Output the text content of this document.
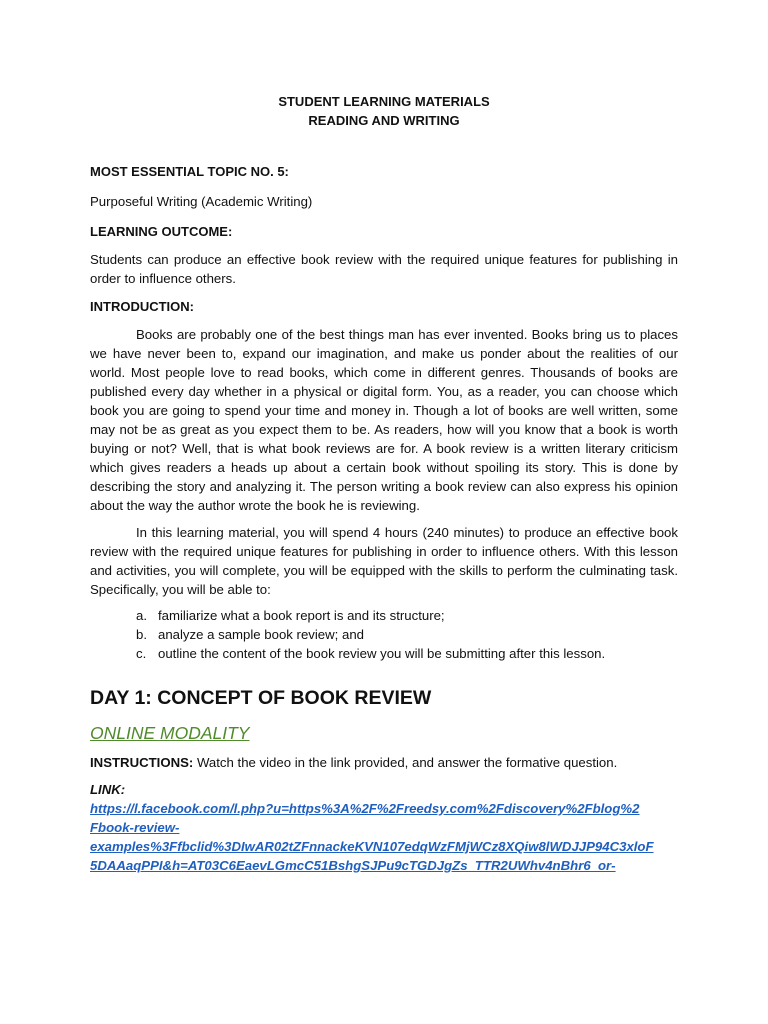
STUDENT LEARNING MATERIALS
READING AND WRITING

MOST ESSENTIAL TOPIC NO. 5:

Purposeful Writing (Academic Writing)

LEARNING OUTCOME:

Students can produce an effective book review with the required unique features for publishing in order to influence others.

INTRODUCTION:

Books are probably one of the best things man has ever invented. Books bring us to places we have never been to, expand our imagination, and make us ponder about the realities of our world. Most people love to read books, which come in different genres. Thousands of books are published every day whether in a physical or digital form. You, as a reader, you can choose which book you are going to spend your time and money in. Though a lot of books are well written, some may not be as great as you expect them to be. As readers, how will you know that a book is worth buying or not? Well, that is what book reviews are for. A book review is a written literary criticism which gives readers a heads up about a certain book without spoiling its story. This is done by describing the story and analyzing it. The person writing a book review can also express his opinion about the way the author wrote the book he is reviewing.

In this learning material, you will spend 4 hours (240 minutes) to produce an effective book review with the required unique features for publishing in order to influence others. With this lesson and activities, you will complete, you will be equipped with the skills to perform the culminating task. Specifically, you will be able to:

a. familiarize what a book report is and its structure;
b. analyze a sample book review; and
c. outline the content of the book review you will be submitting after this lesson.
DAY 1: CONCEPT OF BOOK REVIEW

ONLINE MODALITY

INSTRUCTIONS: Watch the video in the link provided, and answer the formative question.

LINK:

https://l.facebook.com/l.php?u=https%3A%2F%2Freedsy.com%2Fdiscovery%2Fblog%2
Fbook-review-
examples%3Ffbclid%3DIwAR02tZFnnackeKVN107edqWzFMjWCz8XQiw8lWDJJP94C3xloF
5DAAaqPPI&h=AT03C6EaevLGmcC51BshgSJPu9cTGDJgZs_TTR2UWhv4nBhr6_or-
